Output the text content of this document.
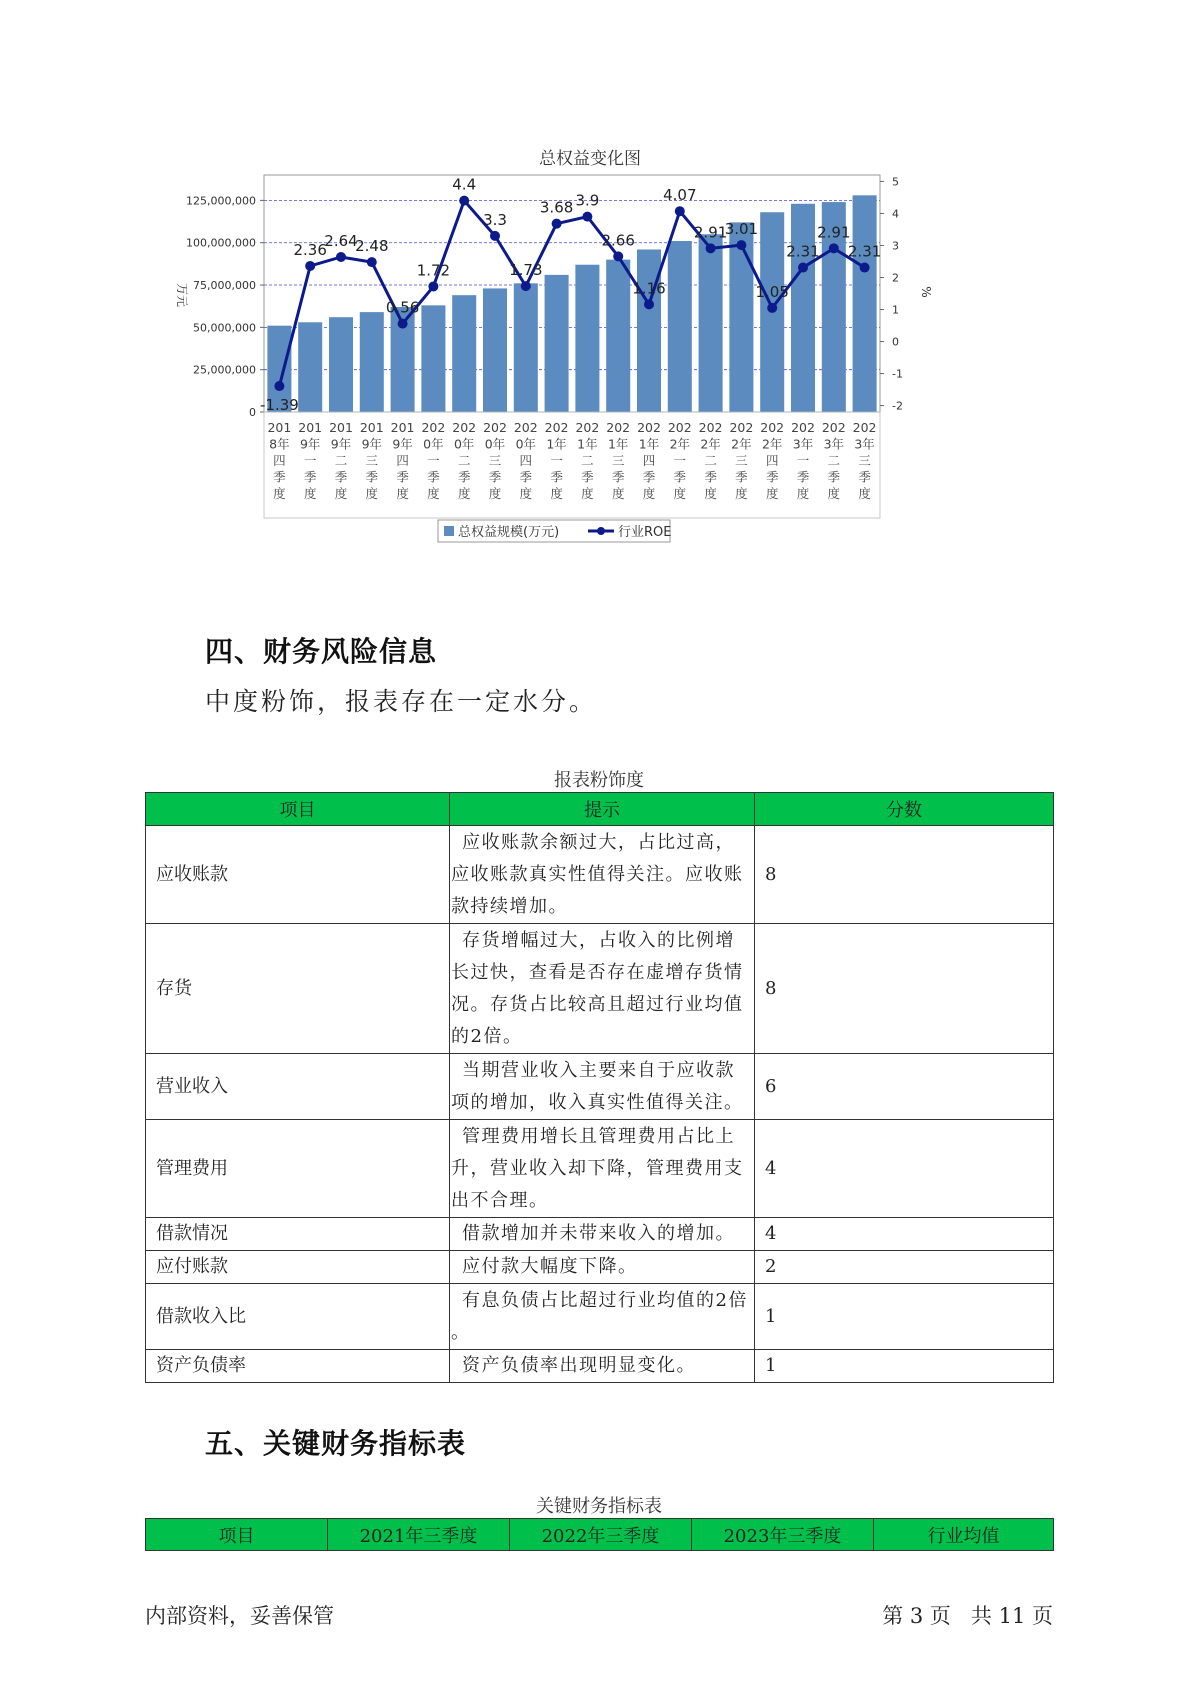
总权益变化图
0
25,000,000
50,000,000
75,000,000
100,000,000
125,000,000
-2
-1
0
1
2
3
4
5
万元	%
201
8年
四
季
度
201
9年
一
季
度
201
9年
二
季
度
201
9年
三
季
度
201
9年
四
季
度
202
0年
一
季
度
202
0年
二
季
度
202
0年
三
季
度
202
0年
四
季
度
202
1年
一
季
度
202
1年
二
季
度
202
1年
三
季
度
202
1年
四
季
度
202
2年
一
季
度
202
2年
二
季
度
202
2年
三
季
度
202
2年
四
季
度
202
3年
一
季
度
202
3年
二
季
度
202
3年
三
季
度
-1.39
2.36
2.64
2.48
0.56
1.72
4.4
3.3
1.73
3.68 3.9
2.66
1.16
4.07
2.91
3.01
1.05
2.31
2.91
2.31
总权益规模(万元)	行业ROE
四、财务风险信息
中度粉饰，报表存在一定水分。
报表粉饰度
项目	提示	分数
应收账款	应收账款余额过大，占比过高，
应收账款真实性值得关注。应收账
款持续增加。	8
存货	存货增幅过大，占收入的比例增
长过快，查看是否存在虚增存货情
况。存货占比较高且超过行业均值
的2倍。	8
营业收入	当期营业收入主要来自于应收款
项的增加，收入真实性值得关注。	6
管理费用	管理费用增长且管理费用占比上
升，营业收入却下降，管理费用支
出不合理。	4
借款情况	借款增加并未带来收入的增加。	4
应付账款	应付款大幅度下降。	2
借款收入比	有息负债占比超过行业均值的2倍
。	1
资产负债率	资产负债率出现明显变化。	1
五、关键财务指标表
关键财务指标表
项目	2021年三季度	2022年三季度	2023年三季度	行业均值
内部资料，妥善保管	第 3 页   共 11 页
